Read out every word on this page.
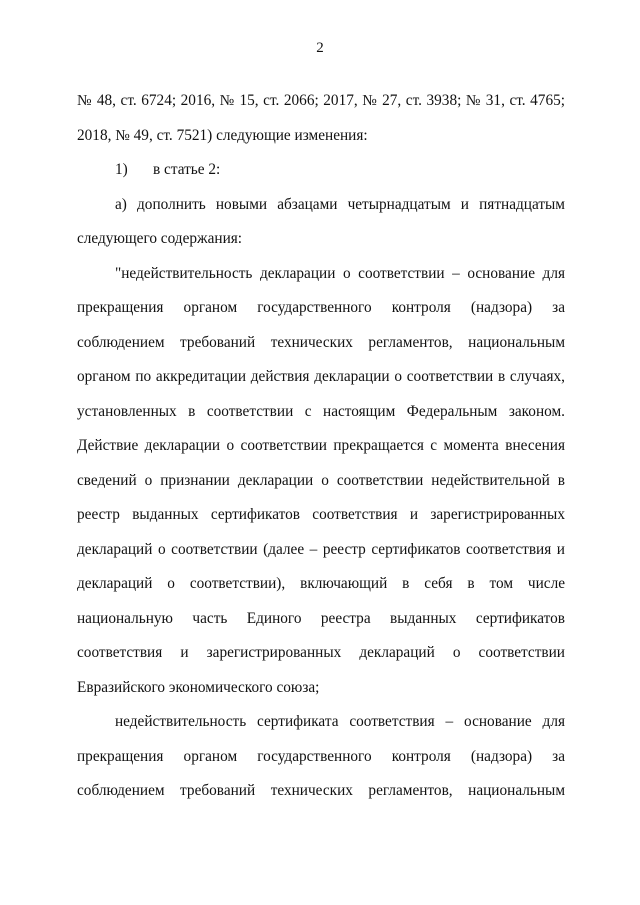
2
№ 48, ст. 6724; 2016, № 15, ст. 2066; 2017, № 27, ст. 3938; № 31, ст. 4765;
2018, № 49, ст. 7521) следующие изменения:
1) в статье 2:
а) дополнить новыми абзацами четырнадцатым и пятнадцатым
следующего содержания:
"недействительность декларации о соответствии – основание для
прекращения органом государственного контроля (надзора) за
соблюдением требований технических регламентов, национальным
органом по аккредитации действия декларации о соответствии в случаях,
установленных в соответствии с настоящим Федеральным законом.
Действие декларации о соответствии прекращается с момента внесения
сведений о признании декларации о соответствии недействительной в
реестр выданных сертификатов соответствия и зарегистрированных
деклараций о соответствии (далее – реестр сертификатов соответствия и
деклараций о соответствии), включающий в себя в том числе
национальную часть Единого реестра выданных сертификатов
соответствия и зарегистрированных деклараций о соответствии
Евразийского экономического союза;
недействительность сертификата соответствия – основание для
прекращения органом государственного контроля (надзора) за
соблюдением требований технических регламентов, национальным
